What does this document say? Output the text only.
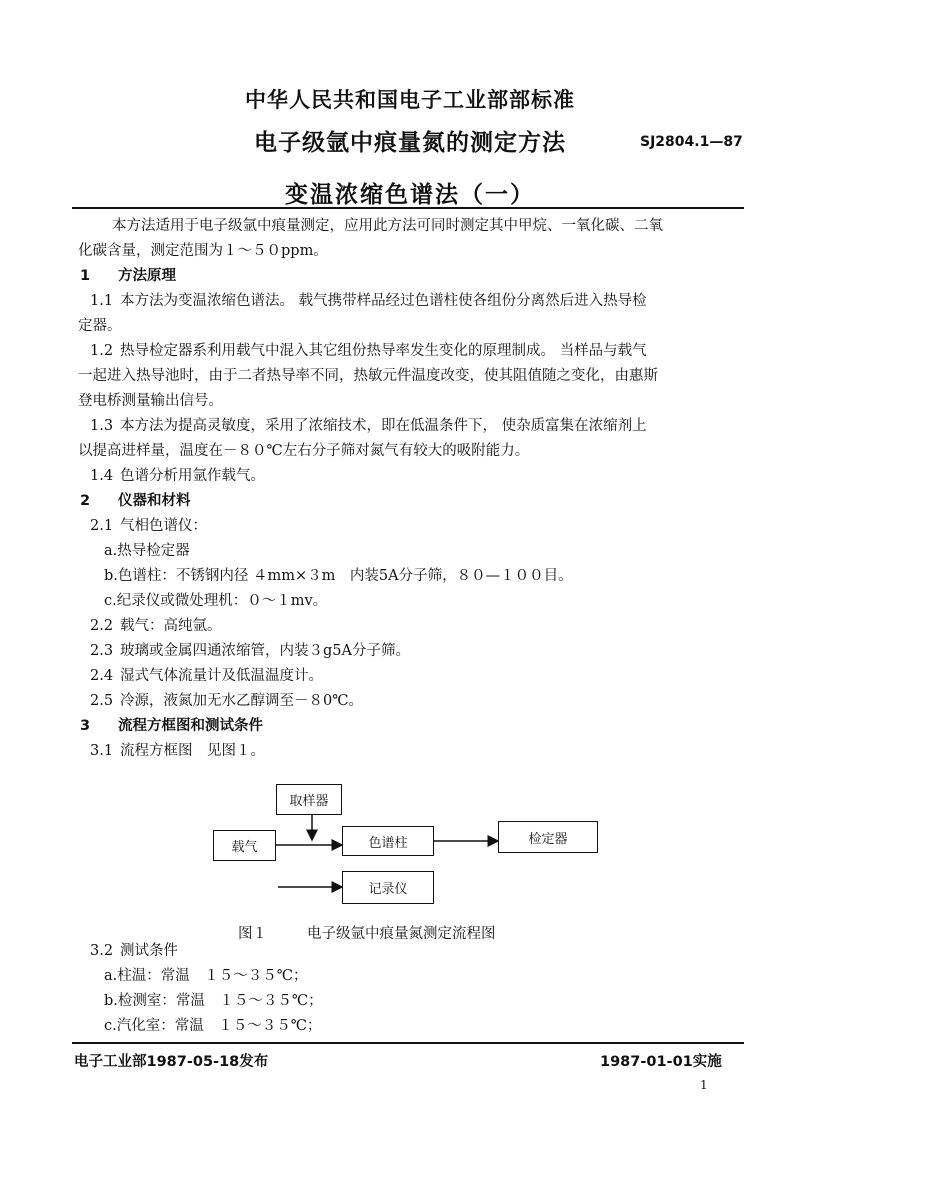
中华人民共和国电子工业部部标准
电子级氩中痕量氮的测定方法	SJ2804.1—87
变温浓缩色谱法（一）
本方法适用于电子级氩中痕量测定，应用此方法可同时测定其中甲烷、一氧化碳、二氧
化碳含量，测定范围为１～５０ppm。
1 方法原理
1.1 本方法为变温浓缩色谱法。 载气携带样品经过色谱柱使各组份分离然后进入热导检
定器。
1.2 热导检定器系利用载气中混入其它组份热导率发生变化的原理制成。 当样品与载气
一起进入热导池时，由于二者热导率不同，热敏元件温度改变，使其阻值随之变化，由惠斯
登电桥测量输出信号。
1.3 本方法为提高灵敏度，采用了浓缩技术，即在低温条件下， 使杂质富集在浓缩剂上
以提高进样量，温度在－８０℃左右分子筛对氮气有较大的吸附能力。
1.4 色谱分析用氩作载气。
2 仪器和材料
2.1 气相色谱仪：
a.热导检定器
b.色谱柱：不锈钢内径 ４mm×３m　内装5A分子筛，８０—１００目。
c.纪录仪或微处理机：０～１mv。
2.2 载气：高纯氩。
2.3 玻璃或金属四通浓缩管，内装３g5A分子筛。
2.4 湿式气体流量计及低温温度计。
2.5 冷源，液氮加无水乙醇调至－８0℃。
3 流程方框图和测试条件
3.1 流程方框图　见图１。
取样器
载气	色谱柱	检定器
记录仪
图１	电子级氩中痕量氮测定流程图
3.2 测试条件
a.柱温：常温　１５～３５℃；
b.检测室：常温　１５～３５℃；
c.汽化室：常温　１５～３５℃；
电子工业部1987-05-18发布	1987-01-01实施
1
